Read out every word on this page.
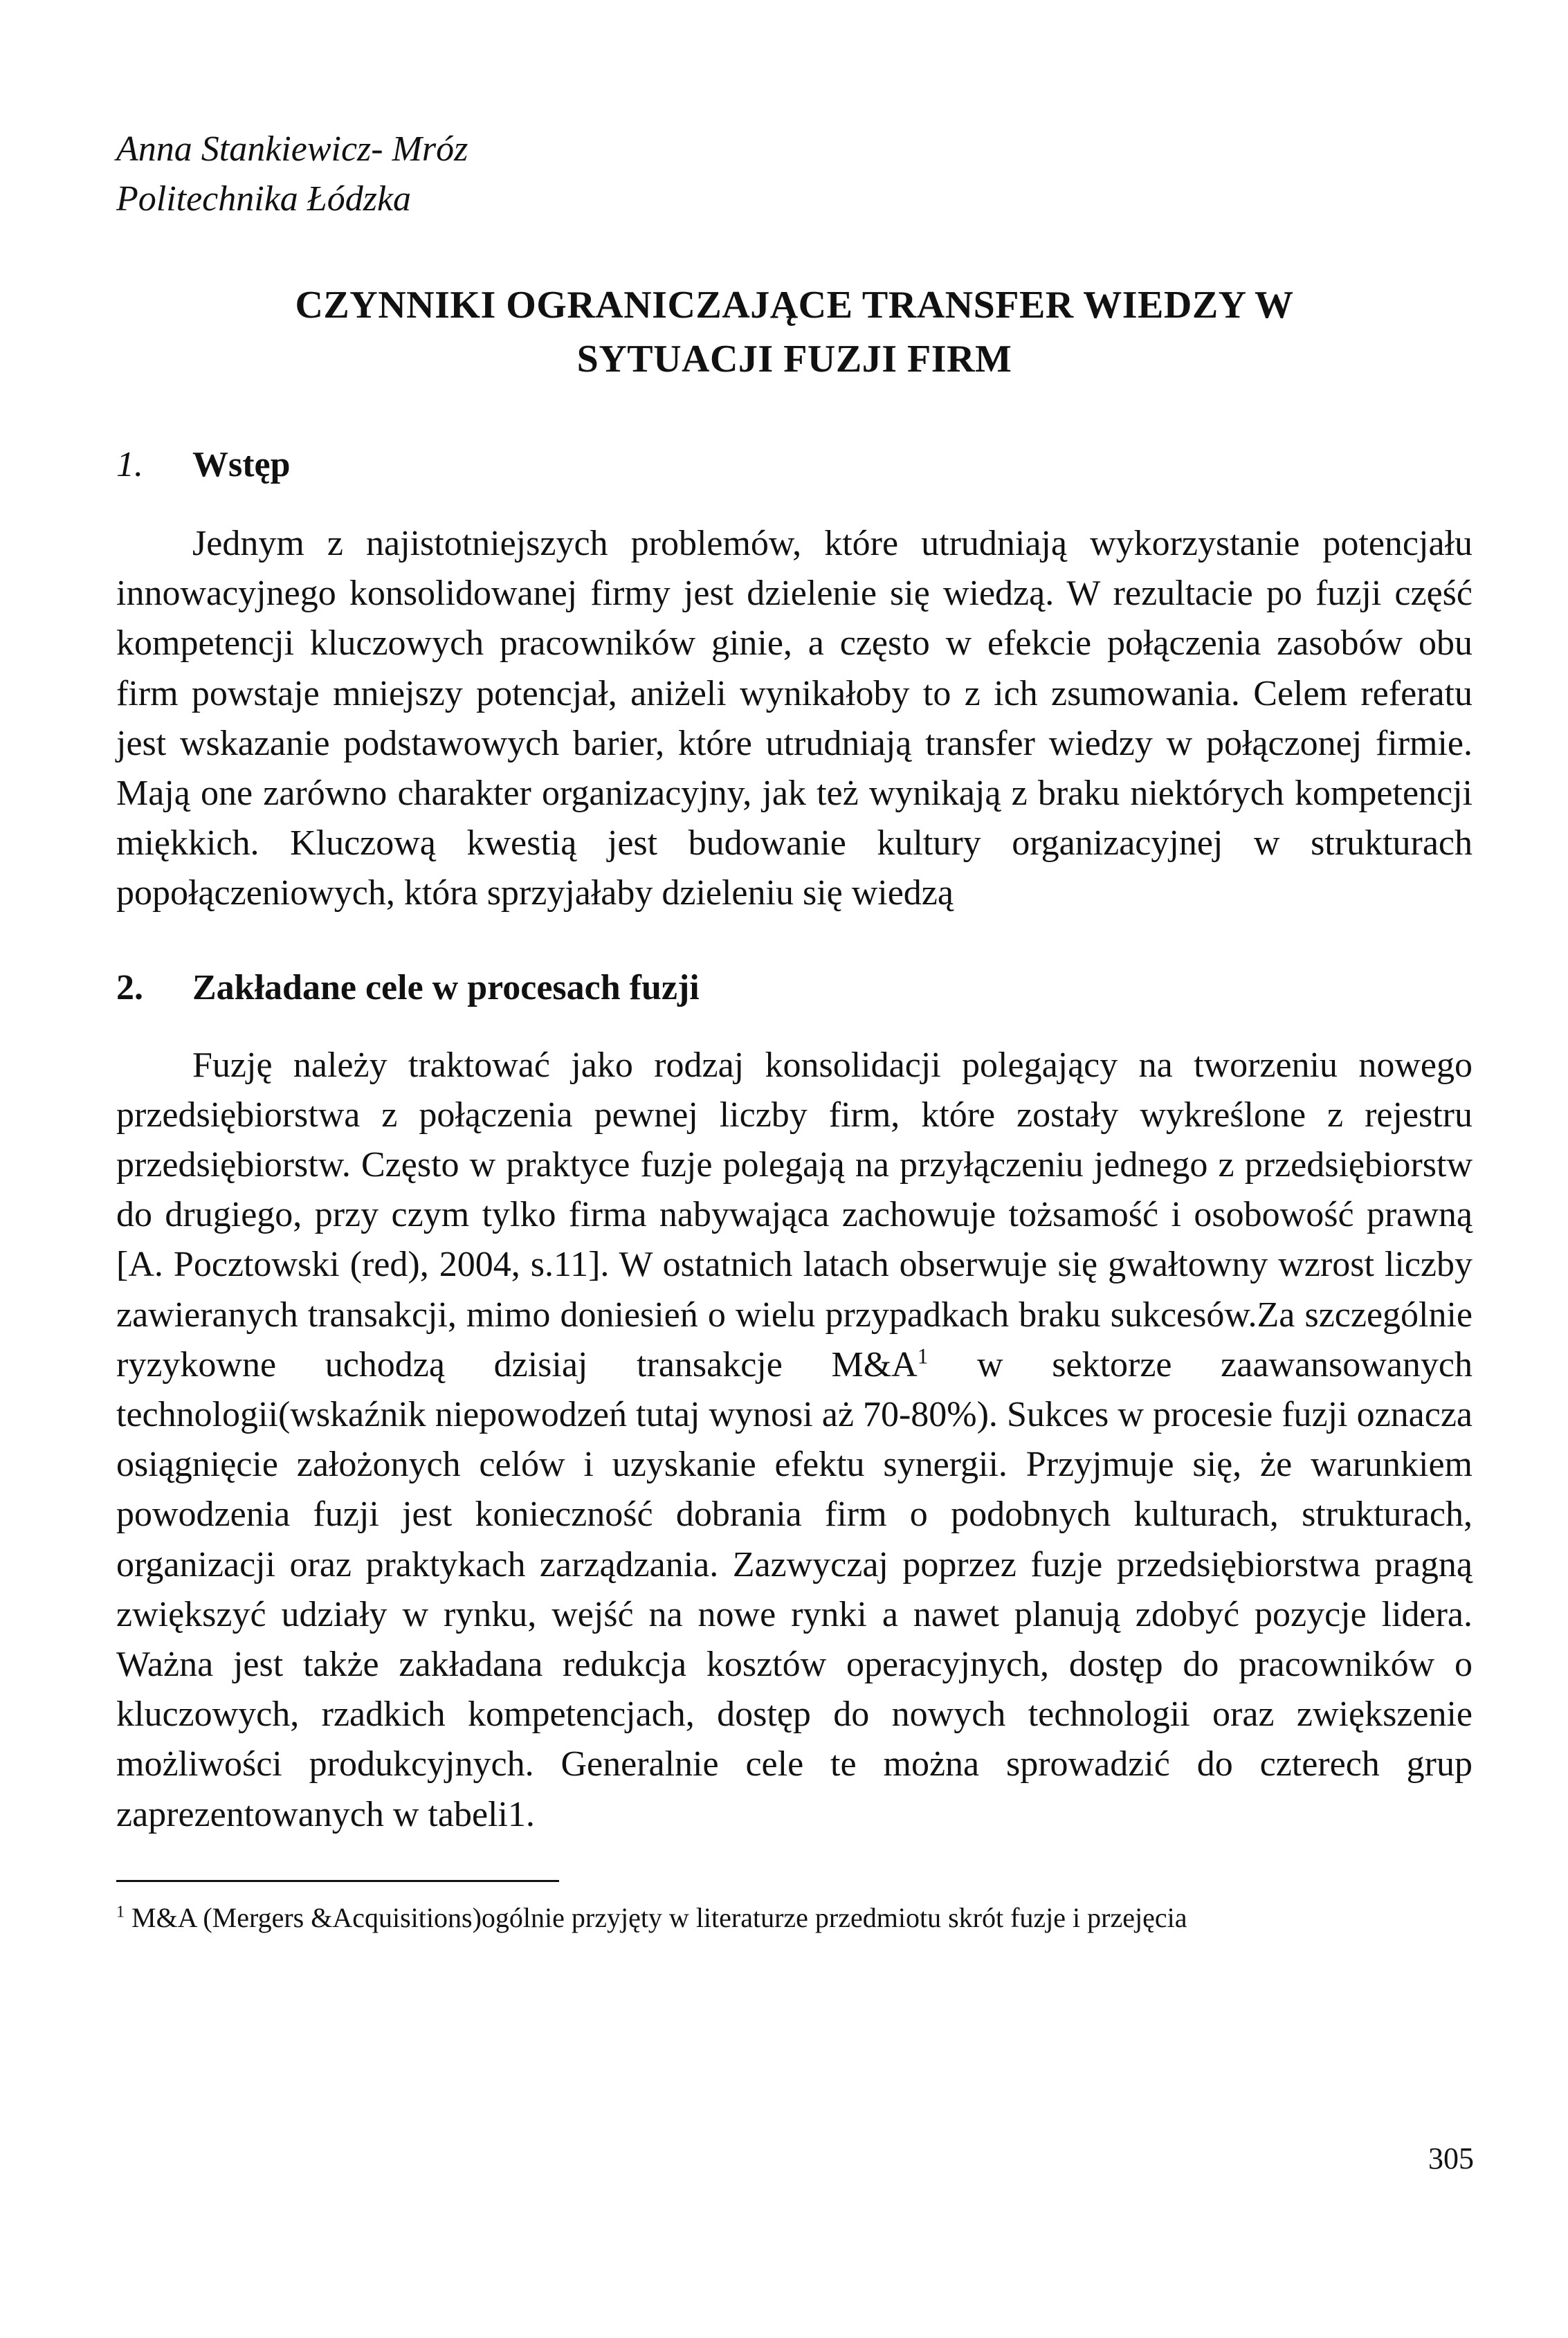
Anna Stankiewicz- Mróz
Politechnika Łódzka
CZYNNIKI OGRANICZAJĄCE TRANSFER WIEDZY W
SYTUACJI FUZJI FIRM
1.	Wstęp

Jednym z najistotniejszych problemów, które utrudniają wykorzystanie potencjału innowacyjnego konsolidowanej firmy jest dzielenie się wiedzą. W rezultacie po fuzji część kompetencji kluczowych pracowników ginie, a często w efekcie połączenia zasobów obu firm powstaje mniejszy potencjał, aniżeli wynikałoby to z ich zsumowania. Celem referatu jest wskazanie podstawowych barier, które utrudniają transfer wiedzy w połączonej firmie. Mają one zarówno charakter organizacyjny, jak też wynikają z braku niektórych kompetencji miękkich. Kluczową kwestią jest budowanie kultury organizacyjnej w strukturach popołączeniowych, która sprzyjałaby dzieleniu się wiedzą

2.	Zakładane cele w procesach fuzji

Fuzję należy traktować jako rodzaj konsolidacji polegający na tworzeniu nowego przedsiębiorstwa z połączenia pewnej liczby firm, które zostały wykreślone z rejestru przedsiębiorstw. Często w praktyce fuzje polegają na przyłączeniu jednego z przedsiębiorstw do drugiego, przy czym tylko firma nabywająca zachowuje tożsamość i osobowość prawną [A. Pocztowski (red), 2004, s.11]. W ostatnich latach obserwuje się gwałtowny wzrost liczby zawieranych transakcji, mimo doniesień o wielu przypadkach braku sukcesów.Za szczególnie ryzykowne uchodzą dzisiaj transakcje $M\&A^1$ w sektorze zaawansowanych technologii(wskaźnik niepowodzeń tutaj wynosi aż 70-80%). Sukces w procesie fuzji oznacza osiągnięcie założonych celów i uzyskanie efektu synergii. Przyjmuje się, że warunkiem powodzenia fuzji jest konieczność dobrania firm o podobnych kulturach, strukturach, organizacji oraz praktykach zarządzania. Zazwyczaj poprzez fuzje przedsiębiorstwa pragną zwiększyć udziały w rynku, wejść na nowe rynki a nawet planują zdobyć pozycje lidera. Ważna jest także zakładana redukcja kosztów operacyjnych, dostęp do pracowników o kluczowych, rzadkich kompetencjach, dostęp do nowych technologii oraz zwiększenie możliwości produkcyjnych. Generalnie cele te można sprowadzić do czterech grup zaprezentowanych w tabeli1.

$^1$ M&A (Mergers &Acquisitions)ogólnie przyjęty w literaturze przedmiotu skrót fuzje i przejęcia
305
